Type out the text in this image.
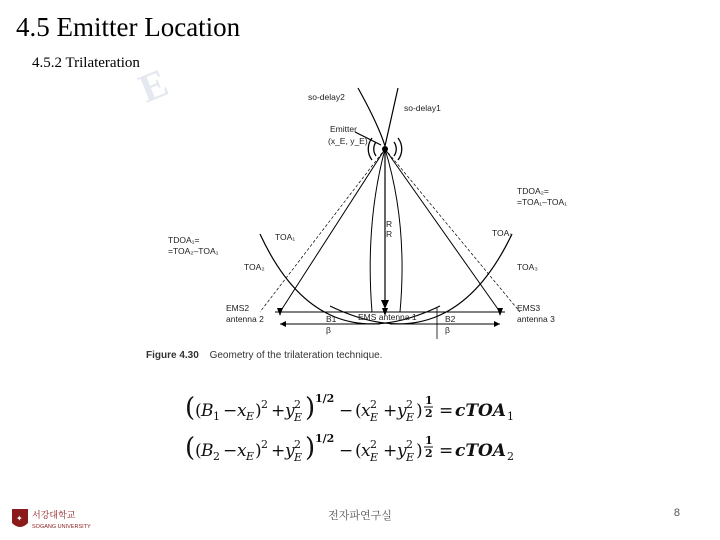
4.5 Emitter Location
4.5.2 Trilateration
E	so-delay2
so-delay1
Emitter
(x_E, y_E)
R
R
TDOA₂=
=TOA₁–TOA₁
TDOA₁=
=TOA₂–TOA₁
TOA₁
TOA₂
TOA₁
TOA₃
EMS2
antenna 2	B1
β
EMS antenna 1	B2
β
EMS3
antenna 3
Figure 4.30 Geometry of the trilateration technique.
( ( B 1 − x E ) 2 + y E
2 ) 1/2
− ( x E
2 + y E
2 )
1
2 = cTOA 1
( ( B 2 − x E ) 2 + y E
2 ) 1/2
− ( x E
2 + y E
2 )
1
2 = cTOA 2
✦ 서강대학교
SOGANG UNIVERSITY
전자파연구실	8
